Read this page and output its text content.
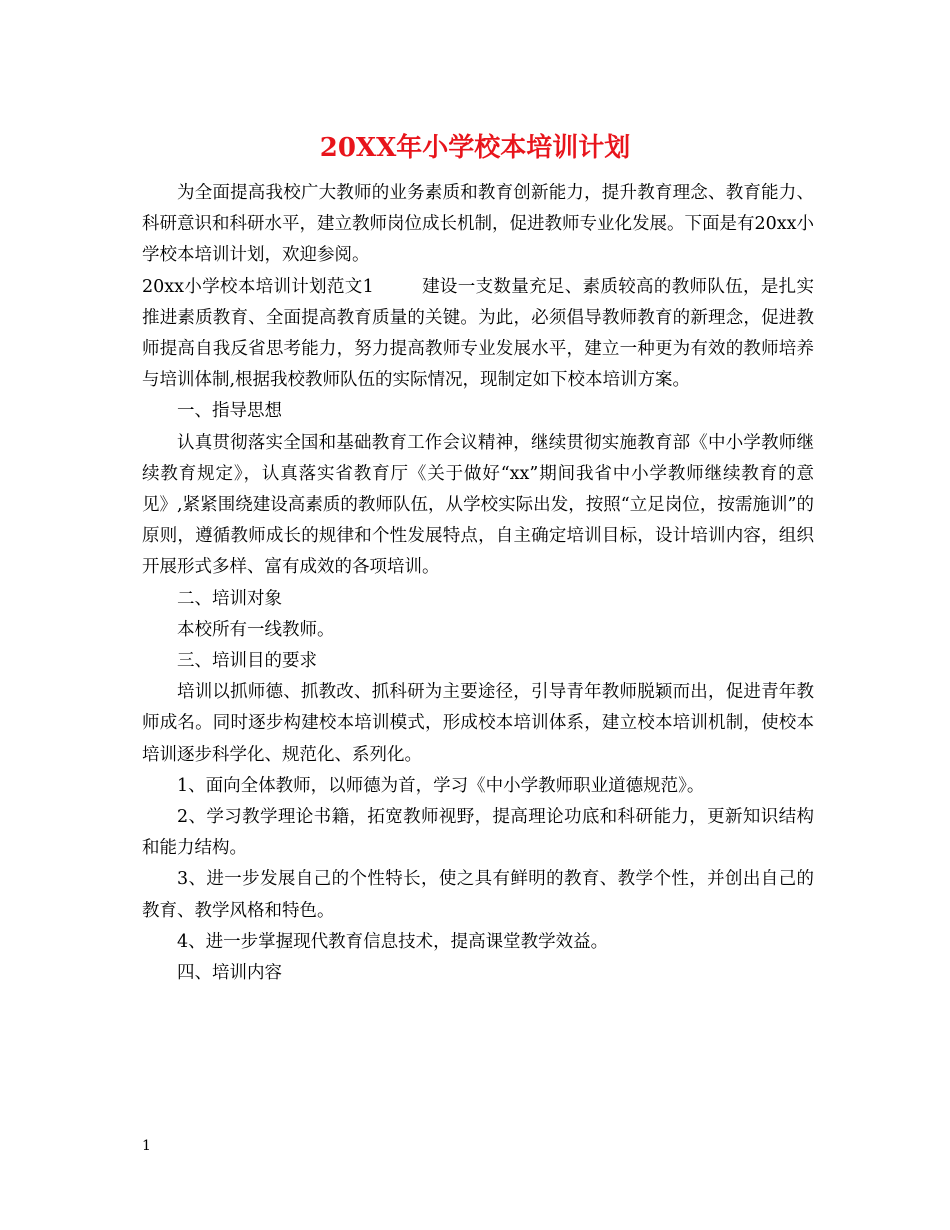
20XX年小学校本培训计划

为全面提高我校广大教师的业务素质和教育创新能力，提升教育理念、教育能力、科研意识和科研水平，建立教师岗位成长机制，促进教师专业化发展。下面是有20xx小学校本培训计划，欢迎参阅。

20xx小学校本培训计划范文1	建设一支数量充足、素质较高的教师队伍，是扎实推进素质教育、全面提高教育质量的关键。为此，必须倡导教师教育的新理念，促进教师提高自我反省思考能力，努力提高教师专业发展水平，建立一种更为有效的教师培养与培训体制,根据我校教师队伍的实际情况，现制定如下校本培训方案。

一、指导思想

认真贯彻落实全国和基础教育工作会议精神，继续贯彻实施教育部《中小学教师继续教育规定》，认真落实省教育厅《关于做好“xx”期间我省中小学教师继续教育的意见》,紧紧围绕建设高素质的教师队伍，从学校实际出发，按照“立足岗位，按需施训”的原则，遵循教师成长的规律和个性发展特点，自主确定培训目标，设计培训内容，组织开展形式多样、富有成效的各项培训。

二、培训对象

本校所有一线教师。

三、培训目的要求

培训以抓师德、抓教改、抓科研为主要途径，引导青年教师脱颖而出，促进青年教师成名。同时逐步构建校本培训模式，形成校本培训体系，建立校本培训机制，使校本培训逐步科学化、规范化、系列化。

1、面向全体教师，以师德为首，学习《中小学教师职业道德规范》。

2、学习教学理论书籍，拓宽教师视野，提高理论功底和科研能力，更新知识结构和能力结构。

3、进一步发展自己的个性特长，使之具有鲜明的教育、教学个性，并创出自己的教育、教学风格和特色。

4、进一步掌握现代教育信息技术，提高课堂教学效益。

四、培训内容

1
